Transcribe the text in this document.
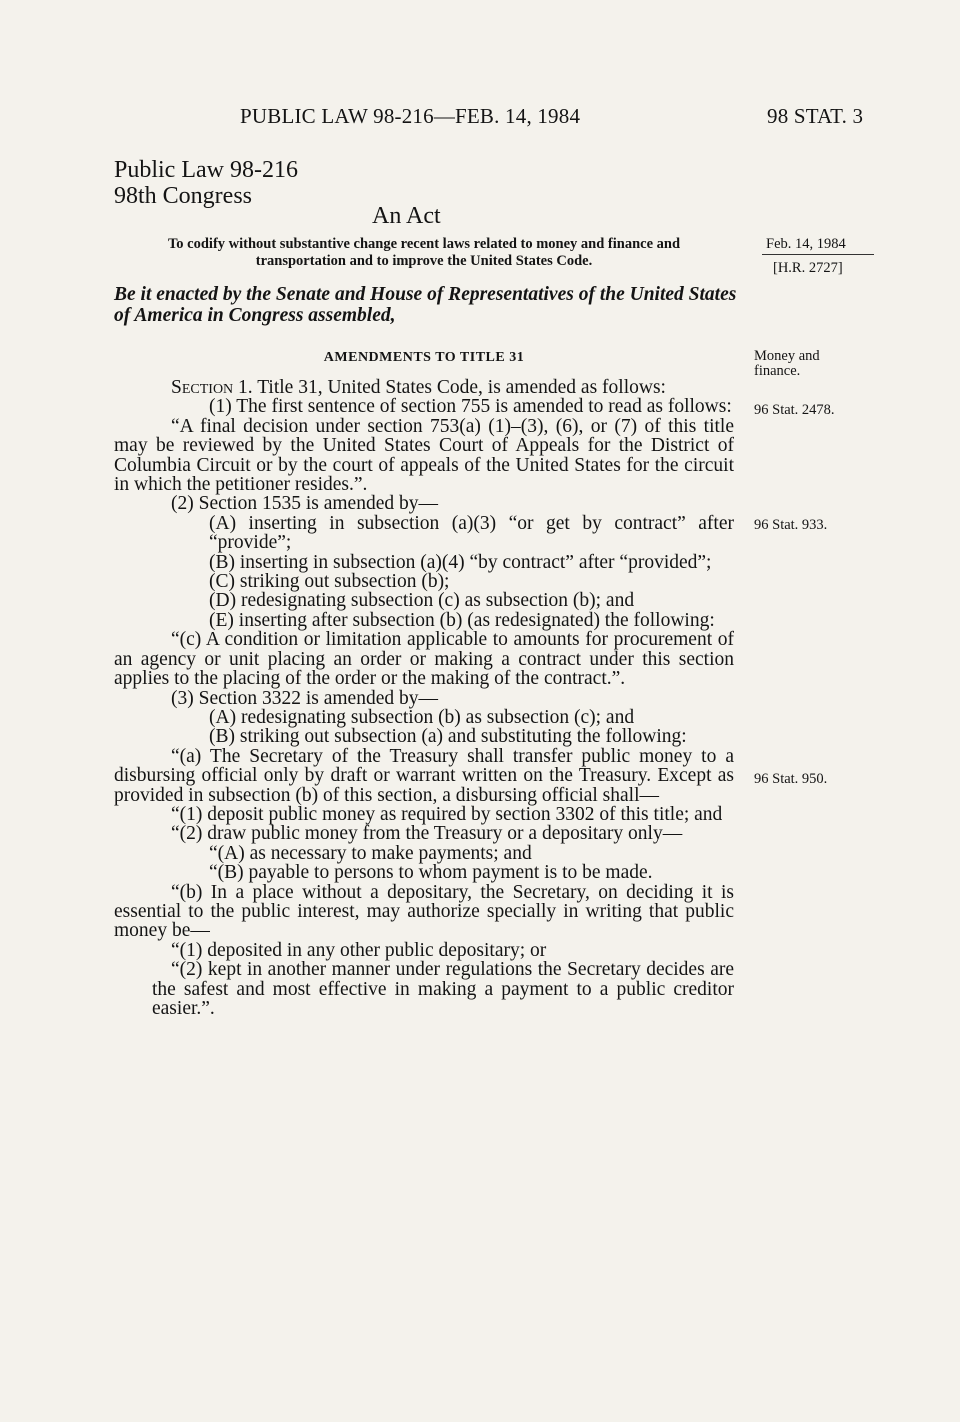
PUBLIC LAW 98-216—FEB. 14, 1984	98 STAT. 3
Public Law 98-216
98th Congress
An Act
To codify without substantive change recent laws related to money and finance and
transportation and to improve the United States Code.
Be it enacted by the Senate and House of Representatives of the United States of America in Congress assembled,
AMENDMENTS TO TITLE 31

Section 1. Title 31, United States Code, is amended as follows:

(1) The first sentence of section 755 is amended to read as follows:

“A final decision under section 753(a) (1)–(3), (6), or (7) of this title may be reviewed by the United States Court of Appeals for the District of Columbia Circuit or by the court of appeals of the United States for the circuit in which the petitioner resides.”.

(2) Section 1535 is amended by—

(A) inserting in subsection (a)(3) “or get by contract” after “provide”;

(B) inserting in subsection (a)(4) “by contract” after “provided”;

(C) striking out subsection (b);

(D) redesignating subsection (c) as subsection (b); and

(E) inserting after subsection (b) (as redesignated) the following:

“(c) A condition or limitation applicable to amounts for procurement of an agency or unit placing an order or making a contract under this section applies to the placing of the order or the making of the contract.”.

(3) Section 3322 is amended by—

(A) redesignating subsection (b) as subsection (c); and

(B) striking out subsection (a) and substituting the following:

“(a) The Secretary of the Treasury shall transfer public money to a disbursing official only by draft or warrant written on the Treasury. Except as provided in subsection (b) of this section, a disbursing official shall—

“(1) deposit public money as required by section 3302 of this title; and

“(2) draw public money from the Treasury or a depositary only—

“(A) as necessary to make payments; and

“(B) payable to persons to whom payment is to be made.

“(b) In a place without a depositary, the Secretary, on deciding it is essential to the public interest, may authorize specially in writing that public money be—

“(1) deposited in any other public depositary; or

“(2) kept in another manner under regulations the Secretary decides are the safest and most effective in making a payment to a public creditor easier.”.

Feb. 14, 1984
[H.R. 2727]
Money and finance.
96 Stat. 2478.
96 Stat. 933.
96 Stat. 950.
